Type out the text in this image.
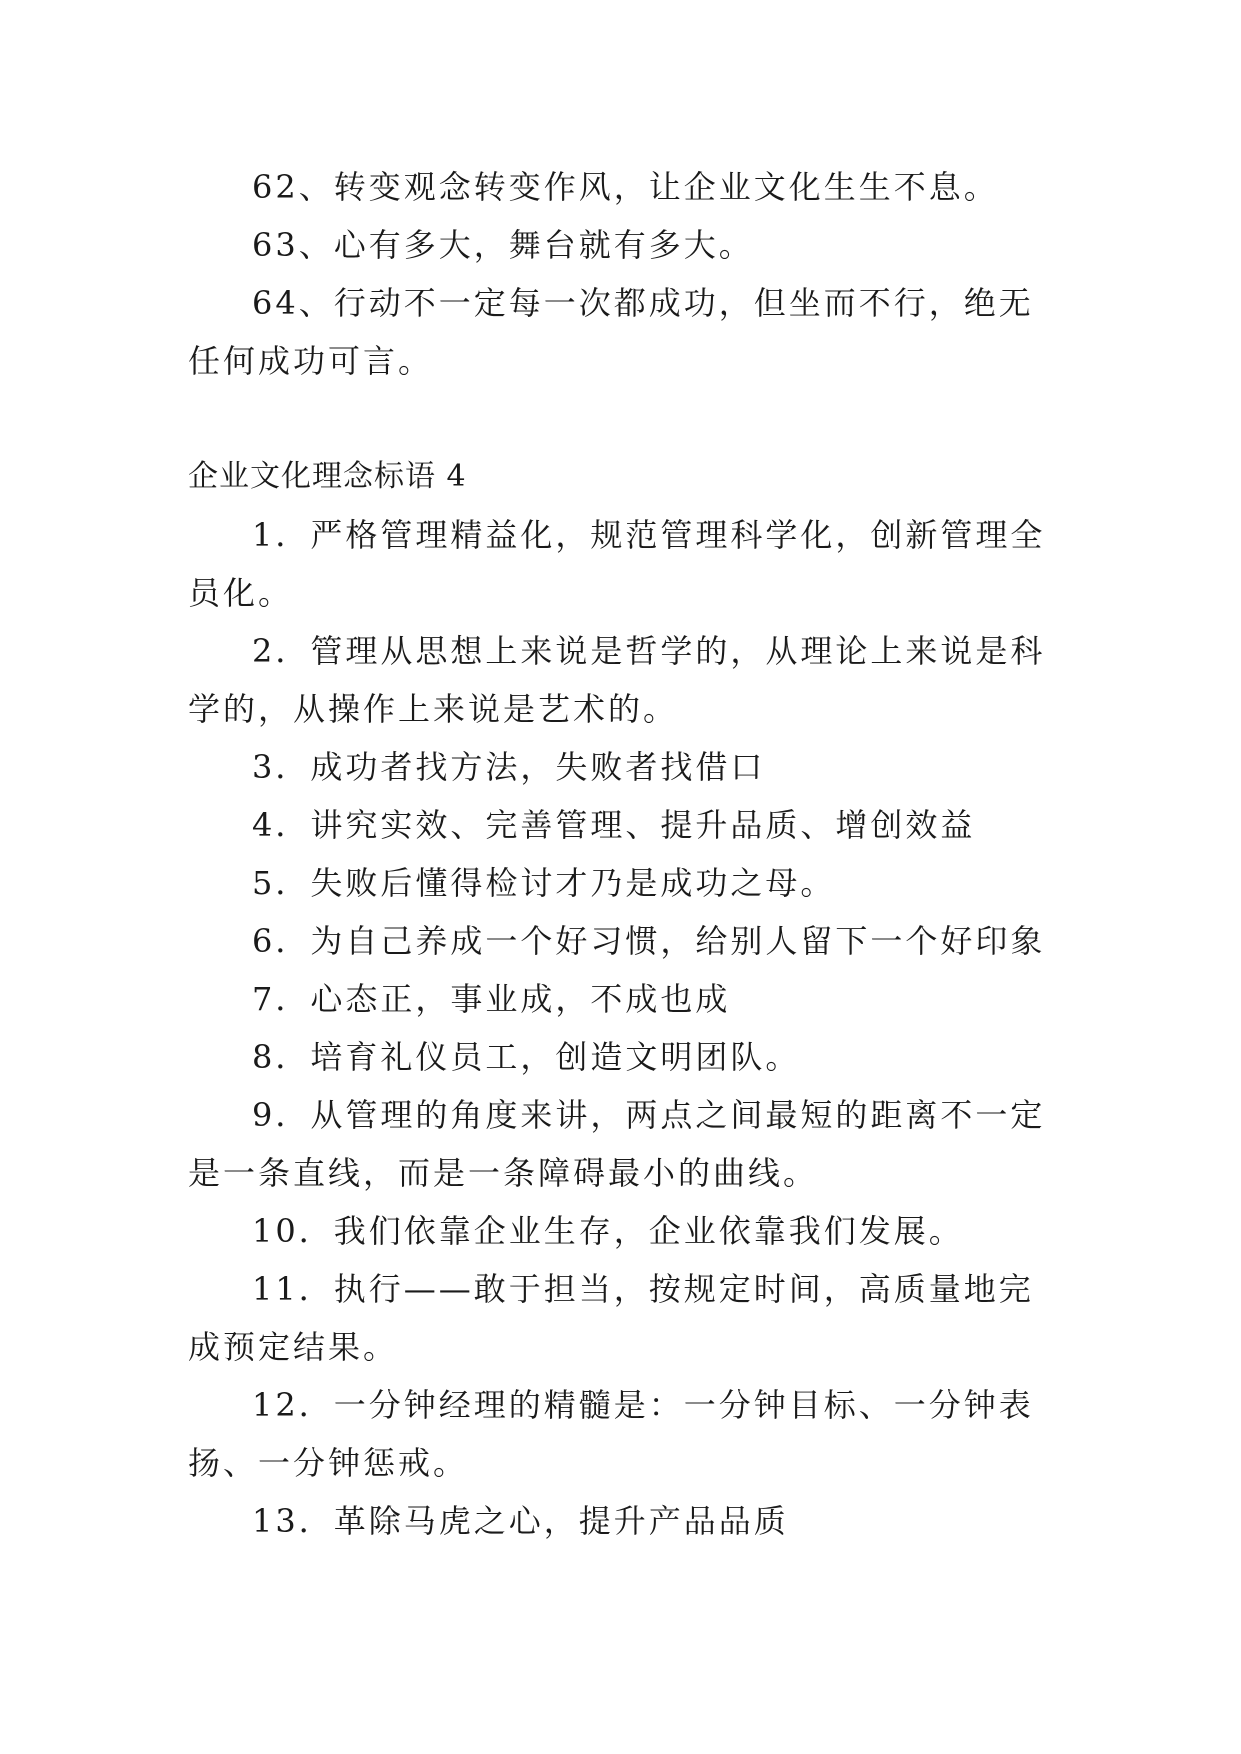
62、转变观念转变作风，让企业文化生生不息。

63、心有多大，舞台就有多大。

64、行动不一定每一次都成功，但坐而不行，绝无任何成功可言。

企业文化理念标语 4

1．严格管理精益化，规范管理科学化，创新管理全员化。

2．管理从思想上来说是哲学的，从理论上来说是科学的，从操作上来说是艺术的。

3．成功者找方法，失败者找借口

4．讲究实效、完善管理、提升品质、增创效益

5．失败后懂得检讨才乃是成功之母。

6．为自己养成一个好习惯，给别人留下一个好印象

7．心态正，事业成，不成也成

8．培育礼仪员工，创造文明团队。

9．从管理的角度来讲，两点之间最短的距离不一定是一条直线，而是一条障碍最小的曲线。

10．我们依靠企业生存，企业依靠我们发展。

11．执行——敢于担当，按规定时间，高质量地完成预定结果。

12．一分钟经理的精髓是：一分钟目标、一分钟表扬、一分钟惩戒。

13．革除马虎之心，提升产品品质
